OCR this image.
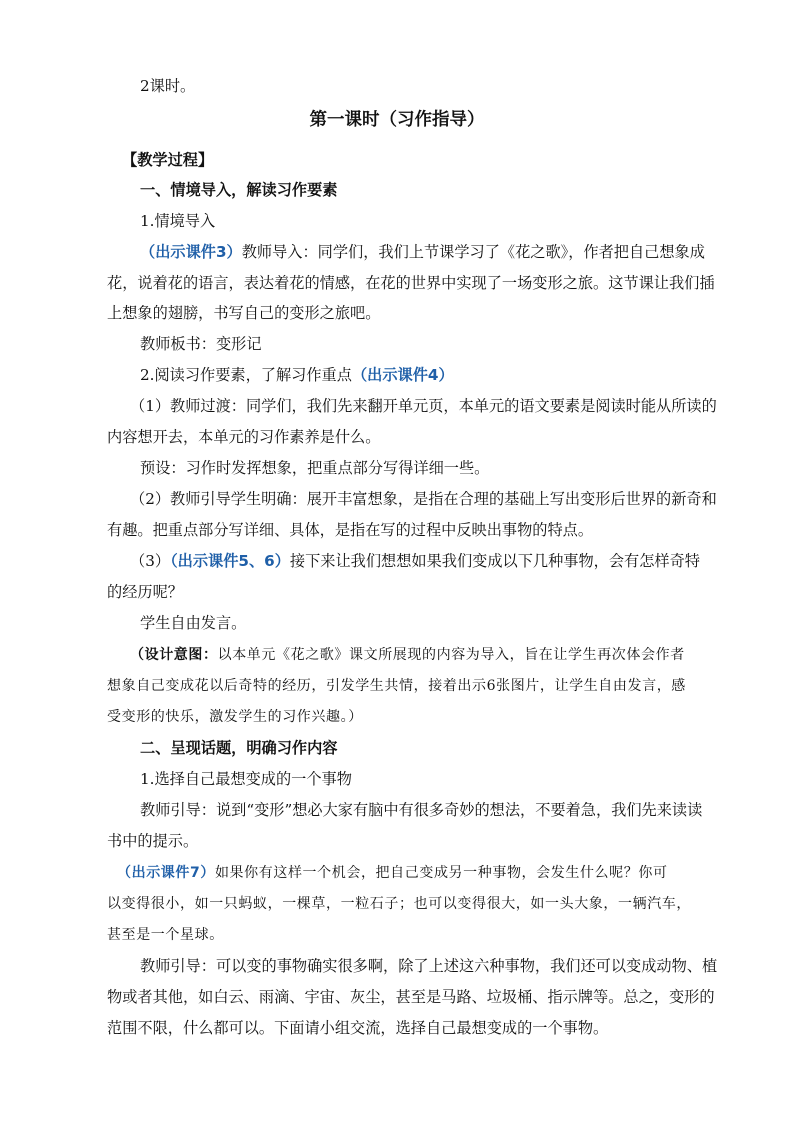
2课时。
第一课时（习作指导）
【教学过程】
一、情境导入，解读习作要素
1.情境导入
（出示课件3）教师导入：同学们，我们上节课学习了《花之歌》，作者把自己想象成
花，说着花的语言，表达着花的情感，在花的世界中实现了一场变形之旅。这节课让我们插
上想象的翅膀，书写自己的变形之旅吧。
教师板书：变形记
2.阅读习作要素，了解习作重点（出示课件4）
（1）教师过渡：同学们，我们先来翻开单元页，本单元的语文要素是阅读时能从所读的
内容想开去，本单元的习作素养是什么。
预设：习作时发挥想象，把重点部分写得详细一些。
（2）教师引导学生明确：展开丰富想象，是指在合理的基础上写出变形后世界的新奇和
有趣。把重点部分写详细、具体，是指在写的过程中反映出事物的特点。
（3）（出示课件5、6）接下来让我们想想如果我们变成以下几种事物，会有怎样奇特
的经历呢？
学生自由发言。
（设计意图：以本单元《花之歌》课文所展现的内容为导入，旨在让学生再次体会作者
想象自己变成花以后奇特的经历，引发学生共情，接着出示6张图片，让学生自由发言，感
受变形的快乐，激发学生的习作兴趣。）
二、呈现话题，明确习作内容
1.选择自己最想变成的一个事物
教师引导：说到“变形”想必大家有脑中有很多奇妙的想法，不要着急，我们先来读读
书中的提示。
（出示课件7）如果你有这样一个机会，把自己变成另一种事物，会发生什么呢？你可
以变得很小，如一只蚂蚁，一棵草，一粒石子；也可以变得很大，如一头大象，一辆汽车，
甚至是一个星球。
教师引导：可以变的事物确实很多啊，除了上述这六种事物，我们还可以变成动物、植
物或者其他，如白云、雨滴、宇宙、灰尘，甚至是马路、垃圾桶、指示牌等。总之，变形的
范围不限，什么都可以。下面请小组交流，选择自己最想变成的一个事物。
